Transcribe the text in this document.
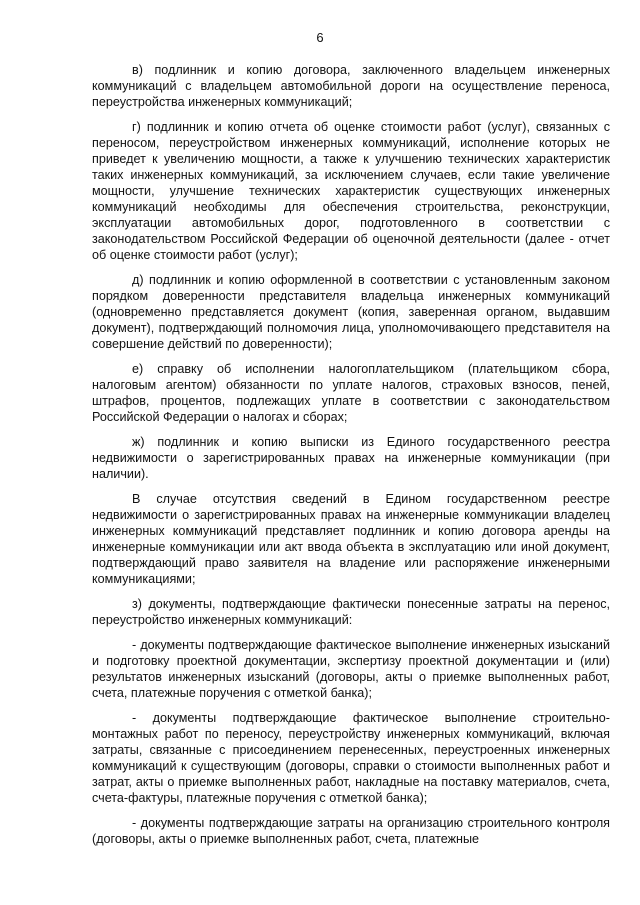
6

в) подлинник и копию договора, заключенного владельцем инженерных коммуникаций с владельцем автомобильной дороги на осуществление переноса, переустройства инженерных коммуникаций;

г) подлинник и копию отчета об оценке стоимости работ (услуг), связанных с переносом, переустройством инженерных коммуникаций, исполнение которых не приведет к увеличению мощности, а также к улучшению технических характеристик таких инженерных коммуникаций, за исключением случаев, если такие увеличение мощности, улучшение технических характеристик существующих инженерных коммуникаций необходимы для обеспечения строительства, реконструкции, эксплуатации автомобильных дорог, подготовленного в соответствии с законодательством Российской Федерации об оценочной деятельности (далее - отчет об оценке стоимости работ (услуг);

д) подлинник и копию оформленной в соответствии с установленным законом порядком доверенности представителя владельца инженерных коммуникаций (одновременно представляется документ (копия, заверенная органом, выдавшим документ), подтверждающий полномочия лица, уполномочивающего представителя на совершение действий по доверенности);

е) справку об исполнении налогоплательщиком (плательщиком сбора, налоговым агентом) обязанности по уплате налогов, страховых взносов, пеней, штрафов, процентов, подлежащих уплате в соответствии с законодательством Российской Федерации о налогах и сборах;

ж) подлинник и копию выписки из Единого государственного реестра недвижимости о зарегистрированных правах на инженерные коммуникации (при наличии).

В случае отсутствия сведений в Едином государственном реестре недвижимости о зарегистрированных правах на инженерные коммуникации владелец инженерных коммуникаций представляет подлинник и копию договора аренды на инженерные коммуникации или акт ввода объекта в эксплуатацию или иной документ, подтверждающий право заявителя на владение или распоряжение инженерными коммуникациями;

з) документы, подтверждающие фактически понесенные затраты на перенос, переустройство инженерных коммуникаций:

- документы подтверждающие фактическое выполнение инженерных изысканий и подготовку проектной документации, экспертизу проектной документации и (или) результатов инженерных изысканий (договоры, акты о приемке выполненных работ, счета, платежные поручения с отметкой банка);

- документы подтверждающие фактическое выполнение строительно-монтажных работ по переносу, переустройству инженерных коммуникаций, включая затраты, связанные с присоединением перенесенных, переустроенных инженерных коммуникаций к существующим (договоры, справки о стоимости выполненных работ и затрат, акты о приемке выполненных работ, накладные на поставку материалов, счета, счета-фактуры, платежные поручения с отметкой банка);

- документы подтверждающие затраты на организацию строительного контроля (договоры, акты о приемке выполненных работ, счета, платежные
